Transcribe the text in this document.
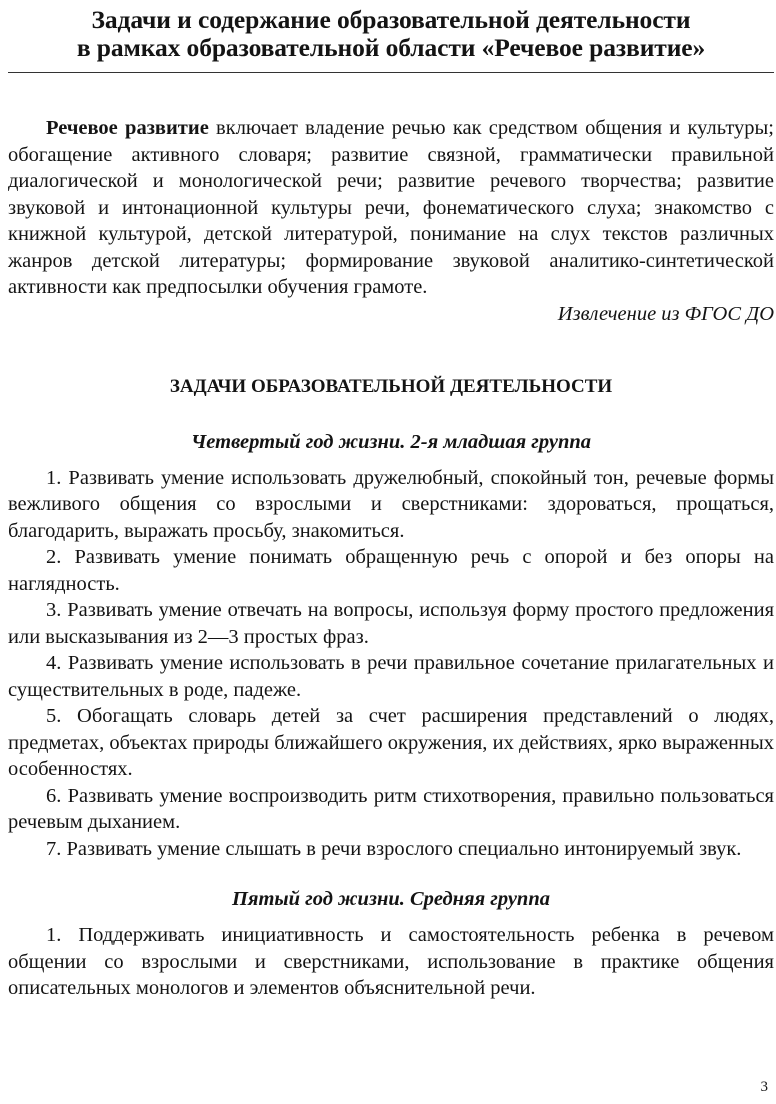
Задачи и содержание образовательной деятельности
в рамках образовательной области «Речевое развитие»

Речевое развитие включает владение речью как средством общения и культуры; обогащение активного словаря; развитие связной, грамматически правильной диалогической и монологической речи; развитие речевого творчества; развитие звуковой и интонационной культуры речи, фонематического слуха; знакомство с книжной культурой, детской литературой, понимание на слух текстов различных жанров детской литературы; формирование звуковой аналитико-синтетической активности как предпосылки обучения грамоте.

Извлечение из ФГОС ДО

ЗАДАЧИ ОБРАЗОВАТЕЛЬНОЙ ДЕЯТЕЛЬНОСТИ
Четвертый год жизни. 2-я младшая группа

1. Развивать умение использовать дружелюбный, спокойный тон, речевые формы вежливого общения со взрослыми и сверстниками: здороваться, прощаться, благодарить, выражать просьбу, знакомиться.

2. Развивать умение понимать обращенную речь с опорой и без опоры на наглядность.

3. Развивать умение отвечать на вопросы, используя форму простого предложения или высказывания из 2—3 простых фраз.

4. Развивать умение использовать в речи правильное сочетание прилагательных и существительных в роде, падеже.

5. Обогащать словарь детей за счет расширения представлений о людях, предметах, объектах природы ближайшего окружения, их действиях, ярко выраженных особенностях.

6. Развивать умение воспроизводить ритм стихотворения, правильно пользоваться речевым дыханием.

7. Развивать умение слышать в речи взрослого специально интонируемый звук.

Пятый год жизни. Средняя группа

1. Поддерживать инициативность и самостоятельность ребенка в речевом общении со взрослыми и сверстниками, использование в практике общения описательных монологов и элементов объяснительной речи.

3
